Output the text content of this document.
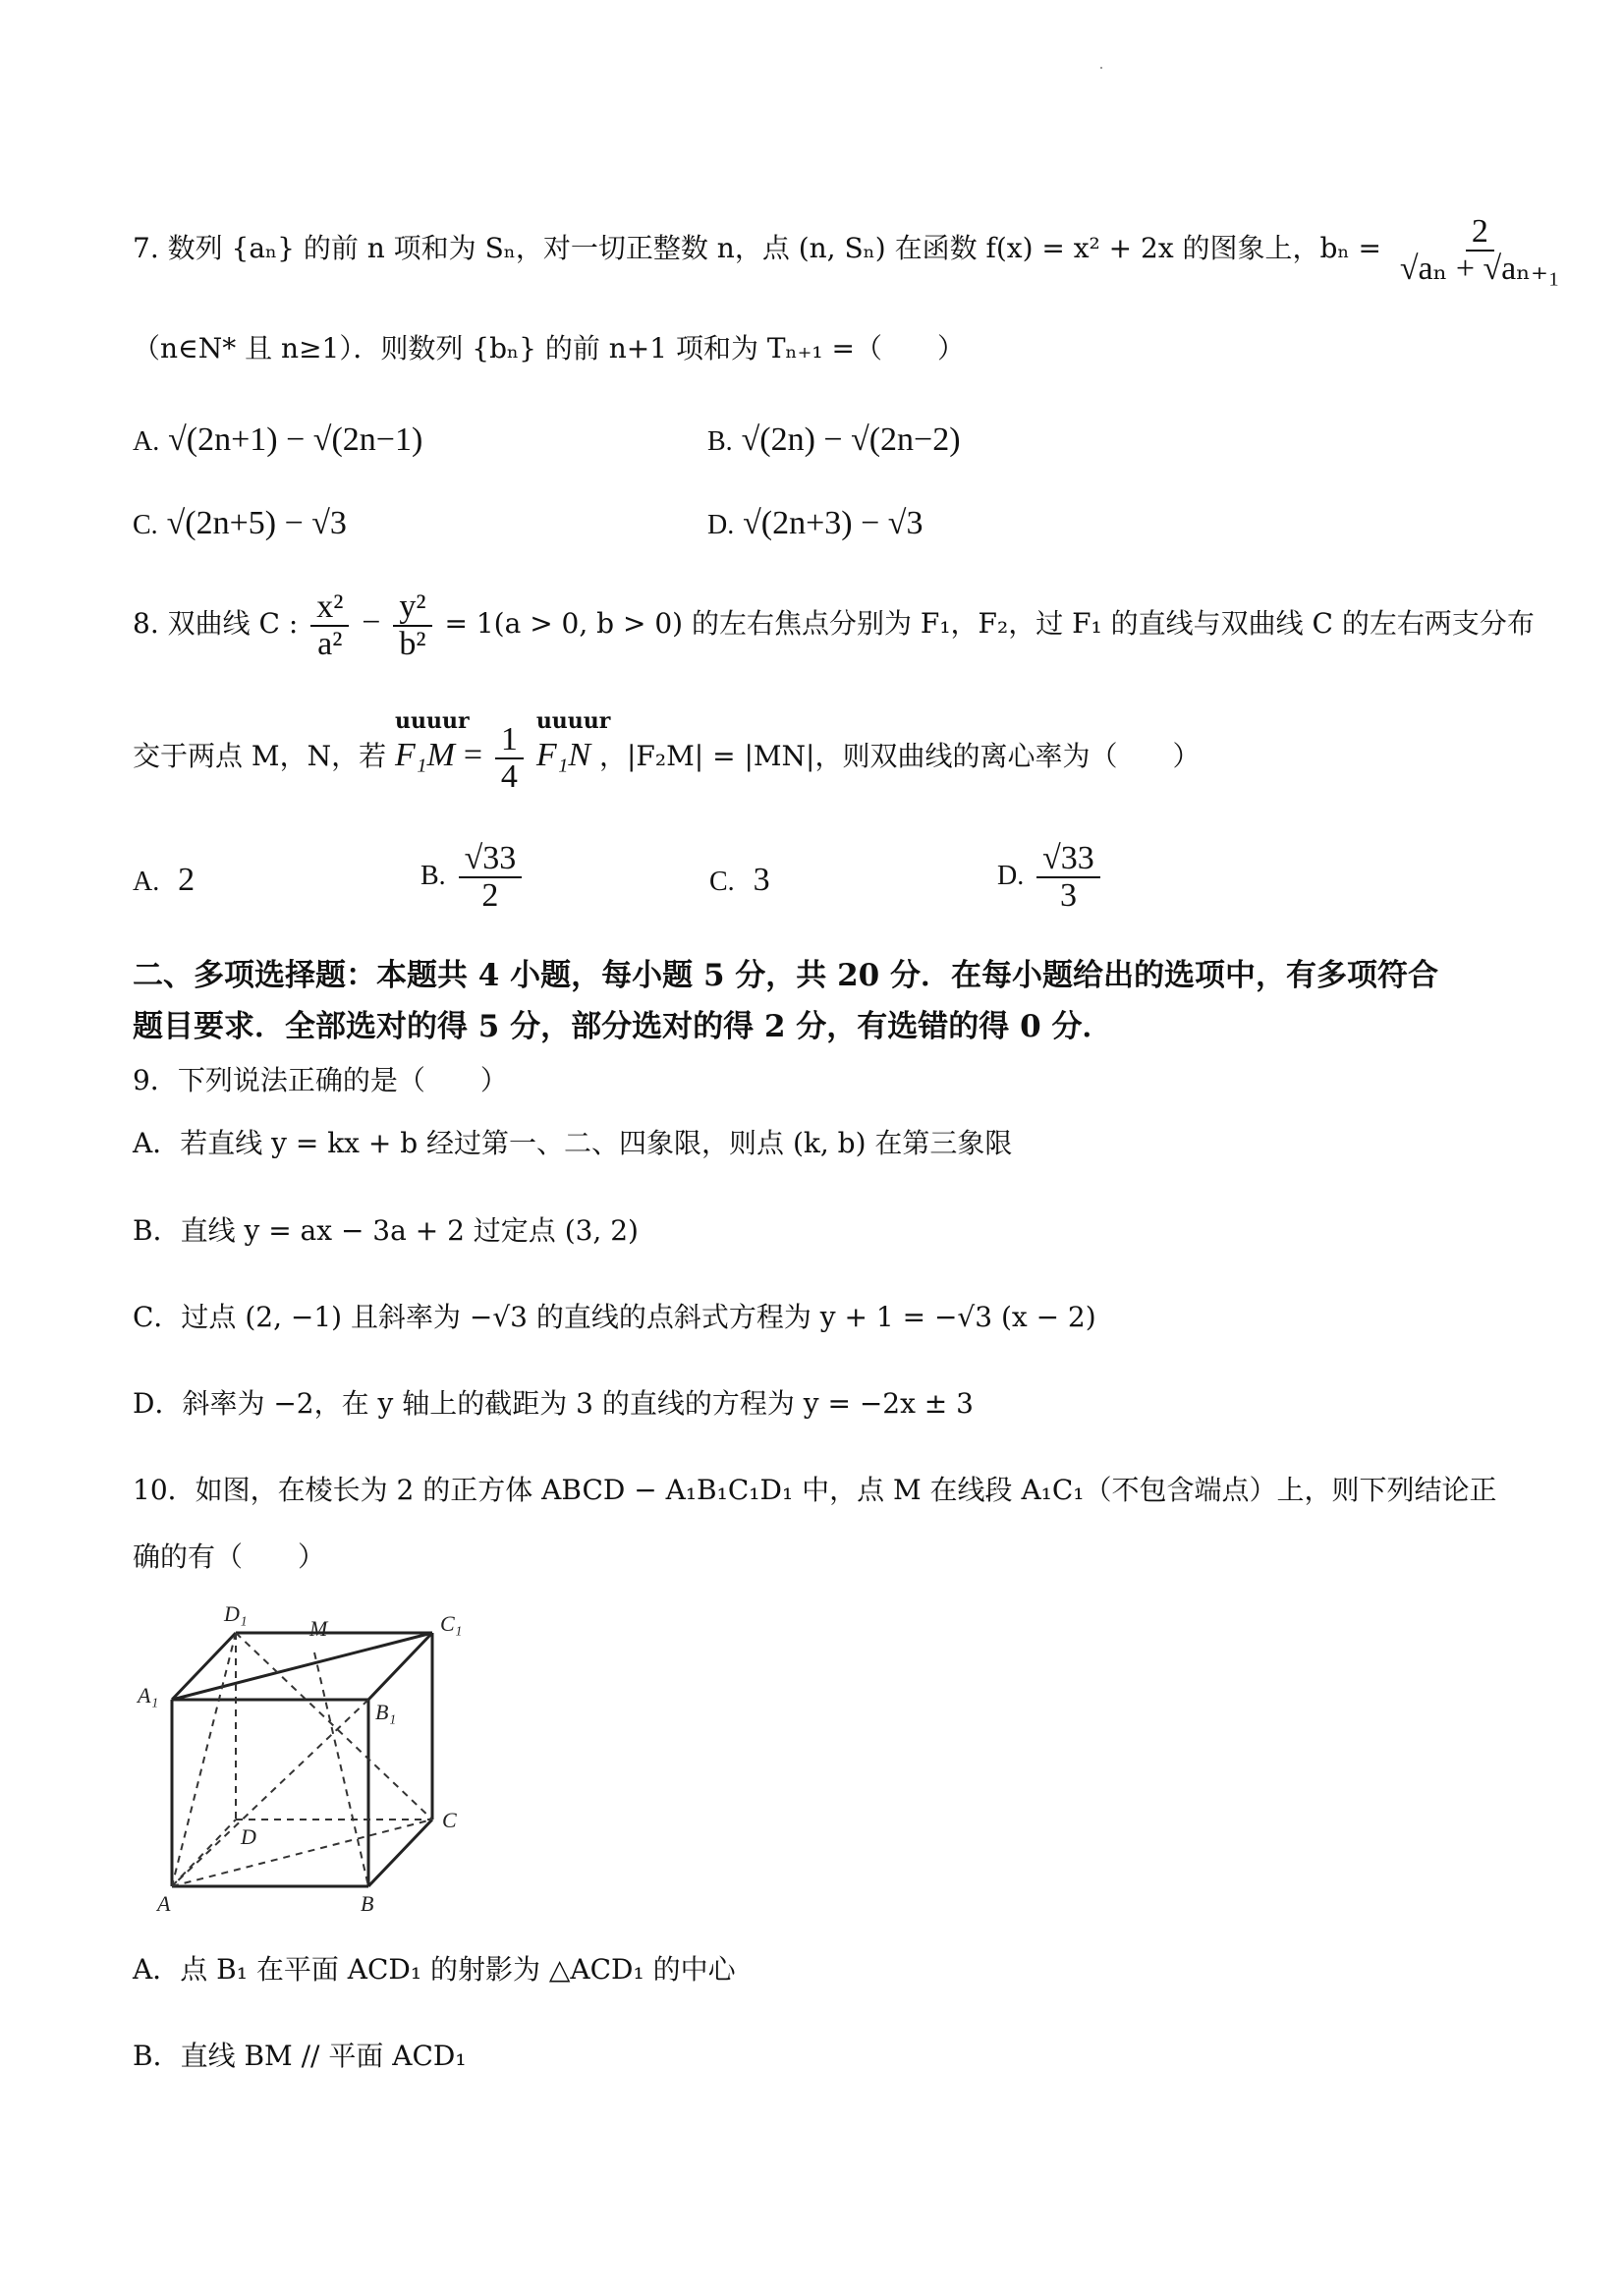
7. 数列 {aₙ} 的前 n 项和为 Sₙ，对一切正整数 n，点 (n, Sₙ) 在函数 f(x) = x² + 2x 的图象上，$b_n = \frac{2}{\text{√aₙ + √aₙ₊₁}}$
（n∈N* 且 n≥1）．则数列 {bₙ} 的前 n+1 项和为 Tₙ₊₁ =（　　）
A. √(2n+1) − √(2n−1)	B. √(2n) − √(2n−2)
C. √(2n+5) − √3	D. √(2n+3) − √3
8. 双曲线 C : $\frac{\text{x²}}{\text{a²}} - \frac{\text{y²}}{\text{b²}} = 1(a > 0$, b > 0) 的左右焦点分别为 F₁，F₂，过 F₁ 的直线与双曲线 C 的左右两支分布
交于两点 M，N，若
uuuur
$F_1M = \frac{1}{4}$

uuuur
F₁N ，|F₂M| = |MN|，则双曲线的离心率为（　　）
A. 2	B. $\frac{√33}{2}$	C. 3	D. $\frac{√33}{3}$
二、多项选择题：本题共 4 小题，每小题 5 分，共 20 分．在每小题给出的选项中，有多项符合
题目要求．全部选对的得 5 分，部分选对的得 2 分，有选错的得 0 分．
9．下列说法正确的是（　　）
A．若直线 y = kx + b 经过第一、二、四象限，则点 (k, b) 在第三象限
B．直线 y = ax − 3a + 2 过定点 (3, 2)
C．过点 (2, −1) 且斜率为 −√3 的直线的点斜式方程为 y + 1 = −√3 (x − 2)
D．斜率为 −2，在 y 轴上的截距为 3 的直线的方程为 y = −2x ± 3
10．如图，在棱长为 2 的正方体 ABCD − A₁B₁C₁D₁ 中，点 M 在线段 A₁C₁（不包含端点）上，则下列结论正
确的有（　　）
D₁
M	C₁
A₁
B₁
D
C
A	B
A．点 B₁ 在平面 ACD₁ 的射影为 △ACD₁ 的中心
B．直线 BM // 平面 ACD₁
